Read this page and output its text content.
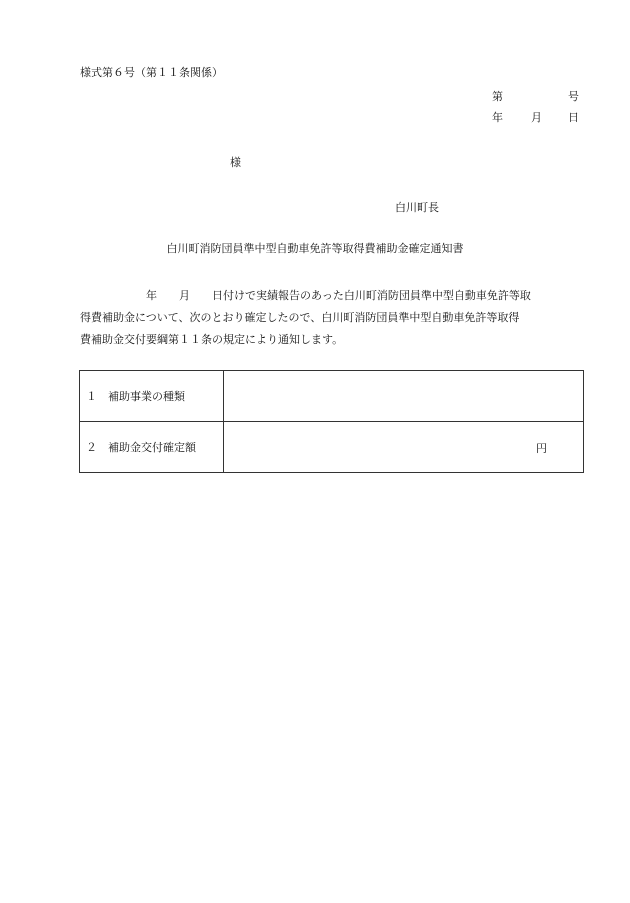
様式第６号（第１１条関係）
第	号
年	月 日
様
白川町長
白川町消防団員準中型自動車免許等取得費補助金確定通知書
　　　　　　年　　月　　日付けで実績報告のあった白川町消防団員準中型自動車免許等取
得費補助金について、次のとおり確定したので、白川町消防団員準中型自動車免許等取得
費補助金交付要綱第１１条の規定により通知します。
１　補助事業の種類	
２　補助金交付確定額	円
